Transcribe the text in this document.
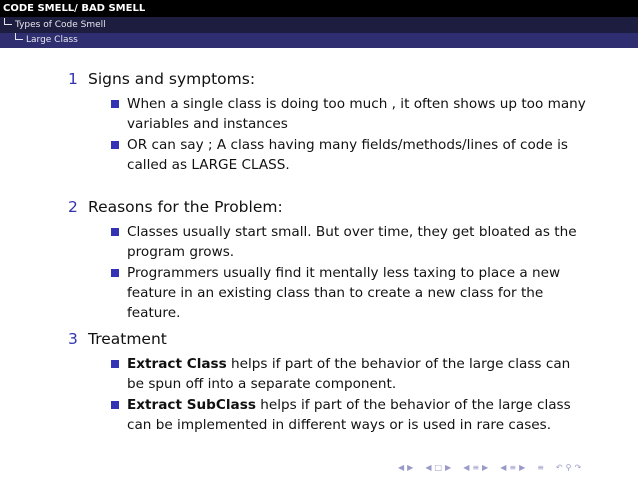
CODE SMELL/ BAD SMELL
Types of Code Smell
Large Class
1 Signs and symptoms:
When a single class is doing too much , it often shows up too many variables and instances
OR can say ; A class having many fields/methods/lines of code is called as LARGE CLASS.
2 Reasons for the Problem:
Classes usually start small. But over time, they get bloated as the program grows.
Programmers usually find it mentally less taxing to place a new feature in an existing class than to create a new class for the feature.
3 Treatment
Extract Class helps if part of the behavior of the large class can be spun off into a separate component.
Extract SubClass helps if part of the behavior of the large class can be implemented in different ways or is used in rare cases.
◀ ▶ ◀ □ ▶ ◀ ≡ ▶ ◀ ≡ ▶ ≡ ↶ ⚲ ↷
